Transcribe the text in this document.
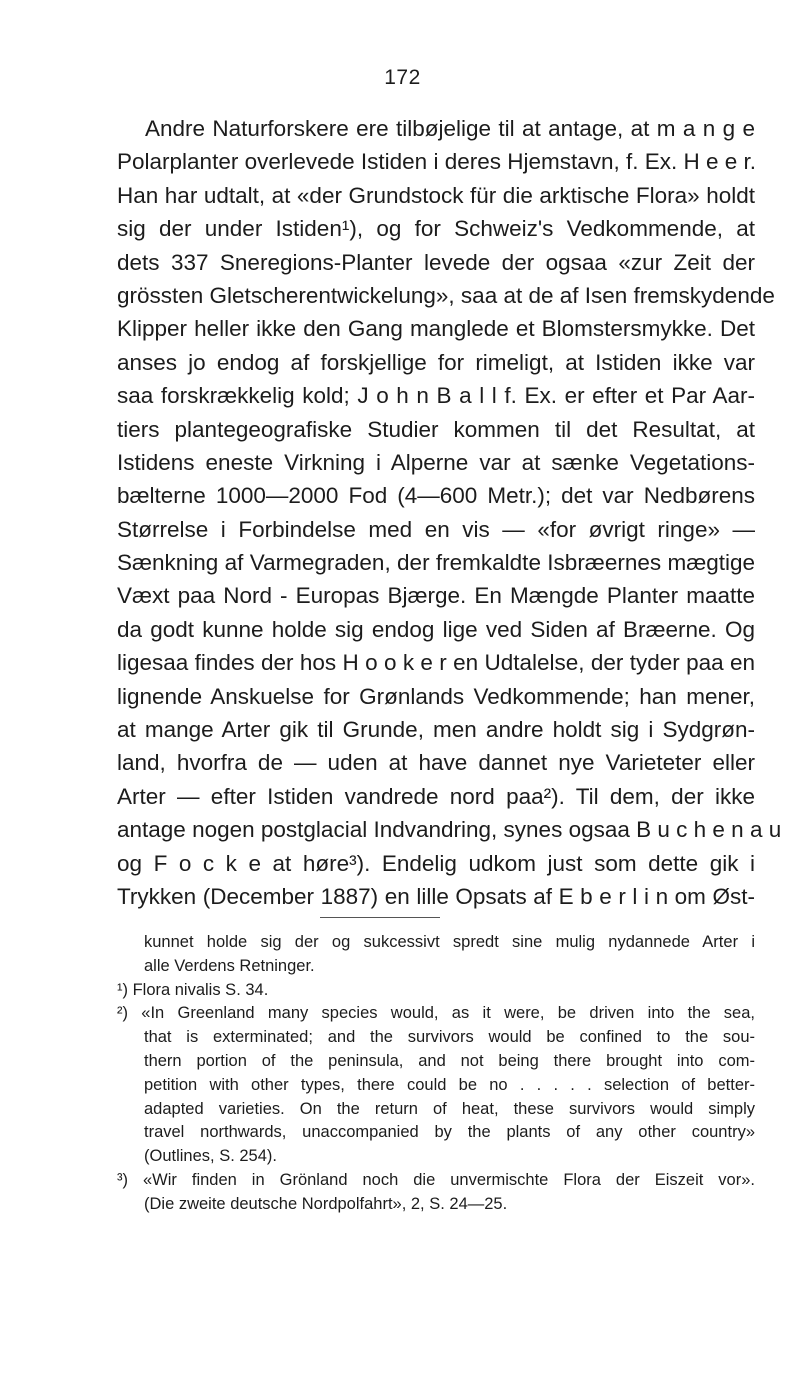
172
Andre Naturforskere ere tilbøjelige til at antage, at m a n g e
Polarplanter overlevede Istiden i deres Hjemstavn, f. Ex. H e e r.
Han har udtalt, at «der Grundstock für die arktische Flora» holdt
sig der under Istiden¹), og for Schweiz's Vedkommende, at
dets 337 Sneregions-Planter levede der ogsaa «zur Zeit der
grössten Gletscherentwickelung», saa at de af Isen fremskydende
Klipper heller ikke den Gang manglede et Blomstersmykke. Det
anses jo endog af forskjellige for rimeligt, at Istiden ikke var
saa forskrækkelig kold; J o h n B a l l f. Ex. er efter et Par Aar-
tiers plantegeografiske Studier kommen til det Resultat, at
Istidens eneste Virkning i Alperne var at sænke Vegetations-
bælterne 1000—2000 Fod (4—600 Metr.); det var Nedbørens
Størrelse i Forbindelse med en vis — «for øvrigt ringe» —
Sænkning af Varmegraden, der fremkaldte Isbræernes mægtige
Væxt paa Nord - Europas Bjærge. En Mængde Planter maatte
da godt kunne holde sig endog lige ved Siden af Bræerne. Og
ligesaa findes der hos H o o k e r en Udtalelse, der tyder paa en
lignende Anskuelse for Grønlands Vedkommende; han mener,
at mange Arter gik til Grunde, men andre holdt sig i Sydgrøn-
land, hvorfra de — uden at have dannet nye Varieteter eller
Arter — efter Istiden vandrede nord paa²). Til dem, der ikke
antage nogen postglacial Indvandring, synes ogsaa B u c h e n a u
og F o c k e at høre³). Endelig udkom just som dette gik i
Trykken (December 1887) en lille Opsats af E b e r l i n om Øst-
kunnet holde sig der og sukcessivt spredt sine mulig nydannede Arter i
alle Verdens Retninger.
¹) Flora nivalis S. 34.
²) «In Greenland many species would, as it were, be driven into the sea,
that is exterminated; and the survivors would be confined to the sou-
thern portion of the peninsula, and not being there brought into com-
petition with other types, there could be no . . . . . selection of better-
adapted varieties. On the return of heat, these survivors would simply
travel northwards, unaccompanied by the plants of any other country»
(Outlines, S. 254).
³) «Wir finden in Grönland noch die unvermischte Flora der Eiszeit vor».
(Die zweite deutsche Nordpolfahrt», 2, S. 24—25.
